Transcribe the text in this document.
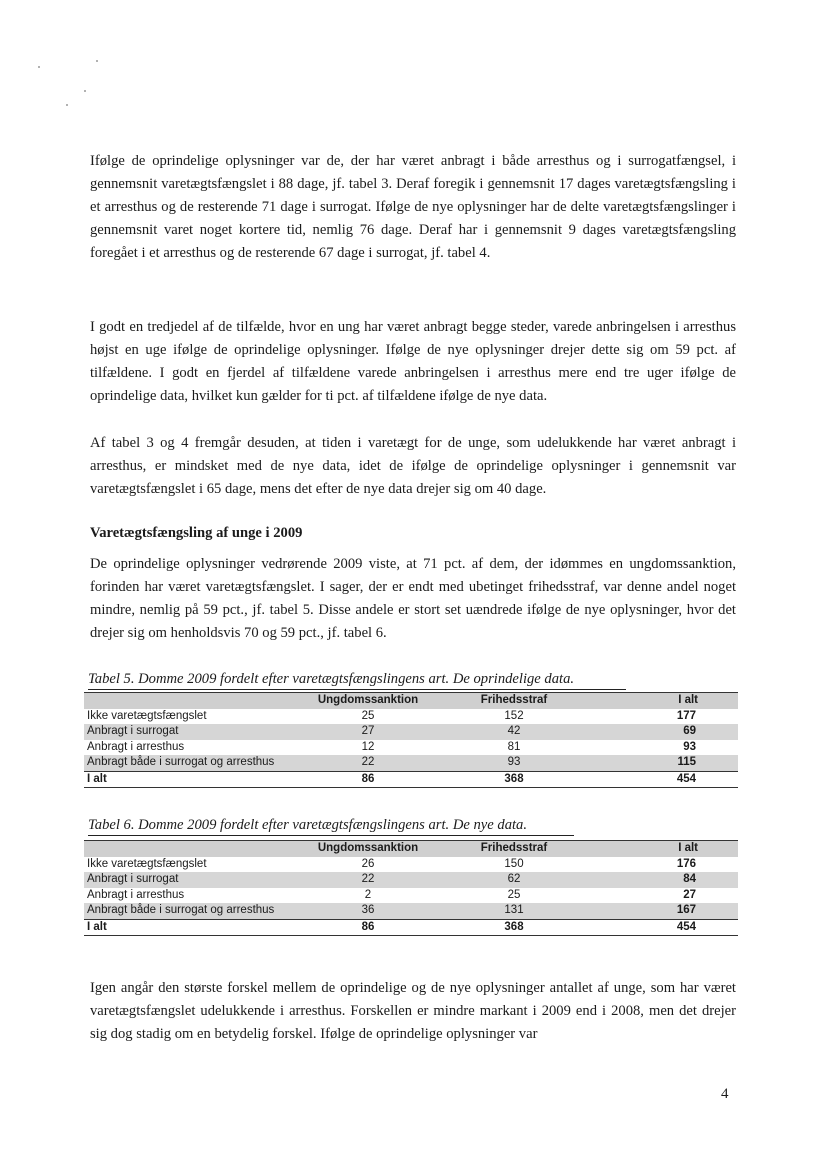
Ifølge de oprindelige oplysninger var de, der har været anbragt i både arresthus og i surrogatfængsel, i gennemsnit varetægtsfængslet i 88 dage, jf. tabel 3. Deraf foregik i gennemsnit 17 dages varetægtsfængsling i et arresthus og de resterende 71 dage i surrogat. Ifølge de nye oplysninger har de delte varetægtsfængslinger i gennemsnit varet noget kortere tid, nemlig 76 dage. Deraf har i gennemsnit 9 dages varetægtsfængsling foregået i et arresthus og de resterende 67 dage i surrogat, jf. tabel 4.

I godt en tredjedel af de tilfælde, hvor en ung har været anbragt begge steder, varede anbringelsen i arresthus højst en uge ifølge de oprindelige oplysninger. Ifølge de nye oplysninger drejer dette sig om 59 pct. af tilfældene. I godt en fjerdel af tilfældene varede anbringelsen i arresthus mere end tre uger ifølge de oprindelige data, hvilket kun gælder for ti pct. af tilfældene ifølge de nye data.

Af tabel 3 og 4 fremgår desuden, at tiden i varetægt for de unge, som udelukkende har været anbragt i arresthus, er mindsket med de nye data, idet de ifølge de oprindelige oplysninger i gennemsnit var varetægtsfængslet i 65 dage, mens det efter de nye data drejer sig om 40 dage.

Varetægtsfængsling af unge i 2009

De oprindelige oplysninger vedrørende 2009 viste, at 71 pct. af dem, der idømmes en ungdomssanktion, forinden har været varetægtsfængslet. I sager, der er endt med ubetinget frihedsstraf, var denne andel noget mindre, nemlig på 59 pct., jf. tabel 5. Disse andele er stort set uændrede ifølge de nye oplysninger, hvor det drejer sig om henholdsvis 70 og 59 pct., jf. tabel 6.

Tabel 5. Domme 2009 fordelt efter varetægtsfængslingens art. De oprindelige data.
	Ungdomssanktion	Frihedsstraf	I alt
Ikke varetægtsfængslet	25	152	177
Anbragt i surrogat	27	42	69
Anbragt i arresthus	12	81	93
Anbragt både i surrogat og arresthus	22	93	115
I alt	86	368	454
Tabel 6. Domme 2009 fordelt efter varetægtsfængslingens art. De nye data.
	Ungdomssanktion	Frihedsstraf	I alt
Ikke varetægtsfængslet	26	150	176
Anbragt i surrogat	22	62	84
Anbragt i arresthus	2	25	27
Anbragt både i surrogat og arresthus	36	131	167
I alt	86	368	454

Igen angår den største forskel mellem de oprindelige og de nye oplysninger antallet af unge, som har været varetægtsfængslet udelukkende i arresthus. Forskellen er mindre markant i 2009 end i 2008, men det drejer sig dog stadig om en betydelig forskel. Ifølge de oprindelige oplysninger var

4
